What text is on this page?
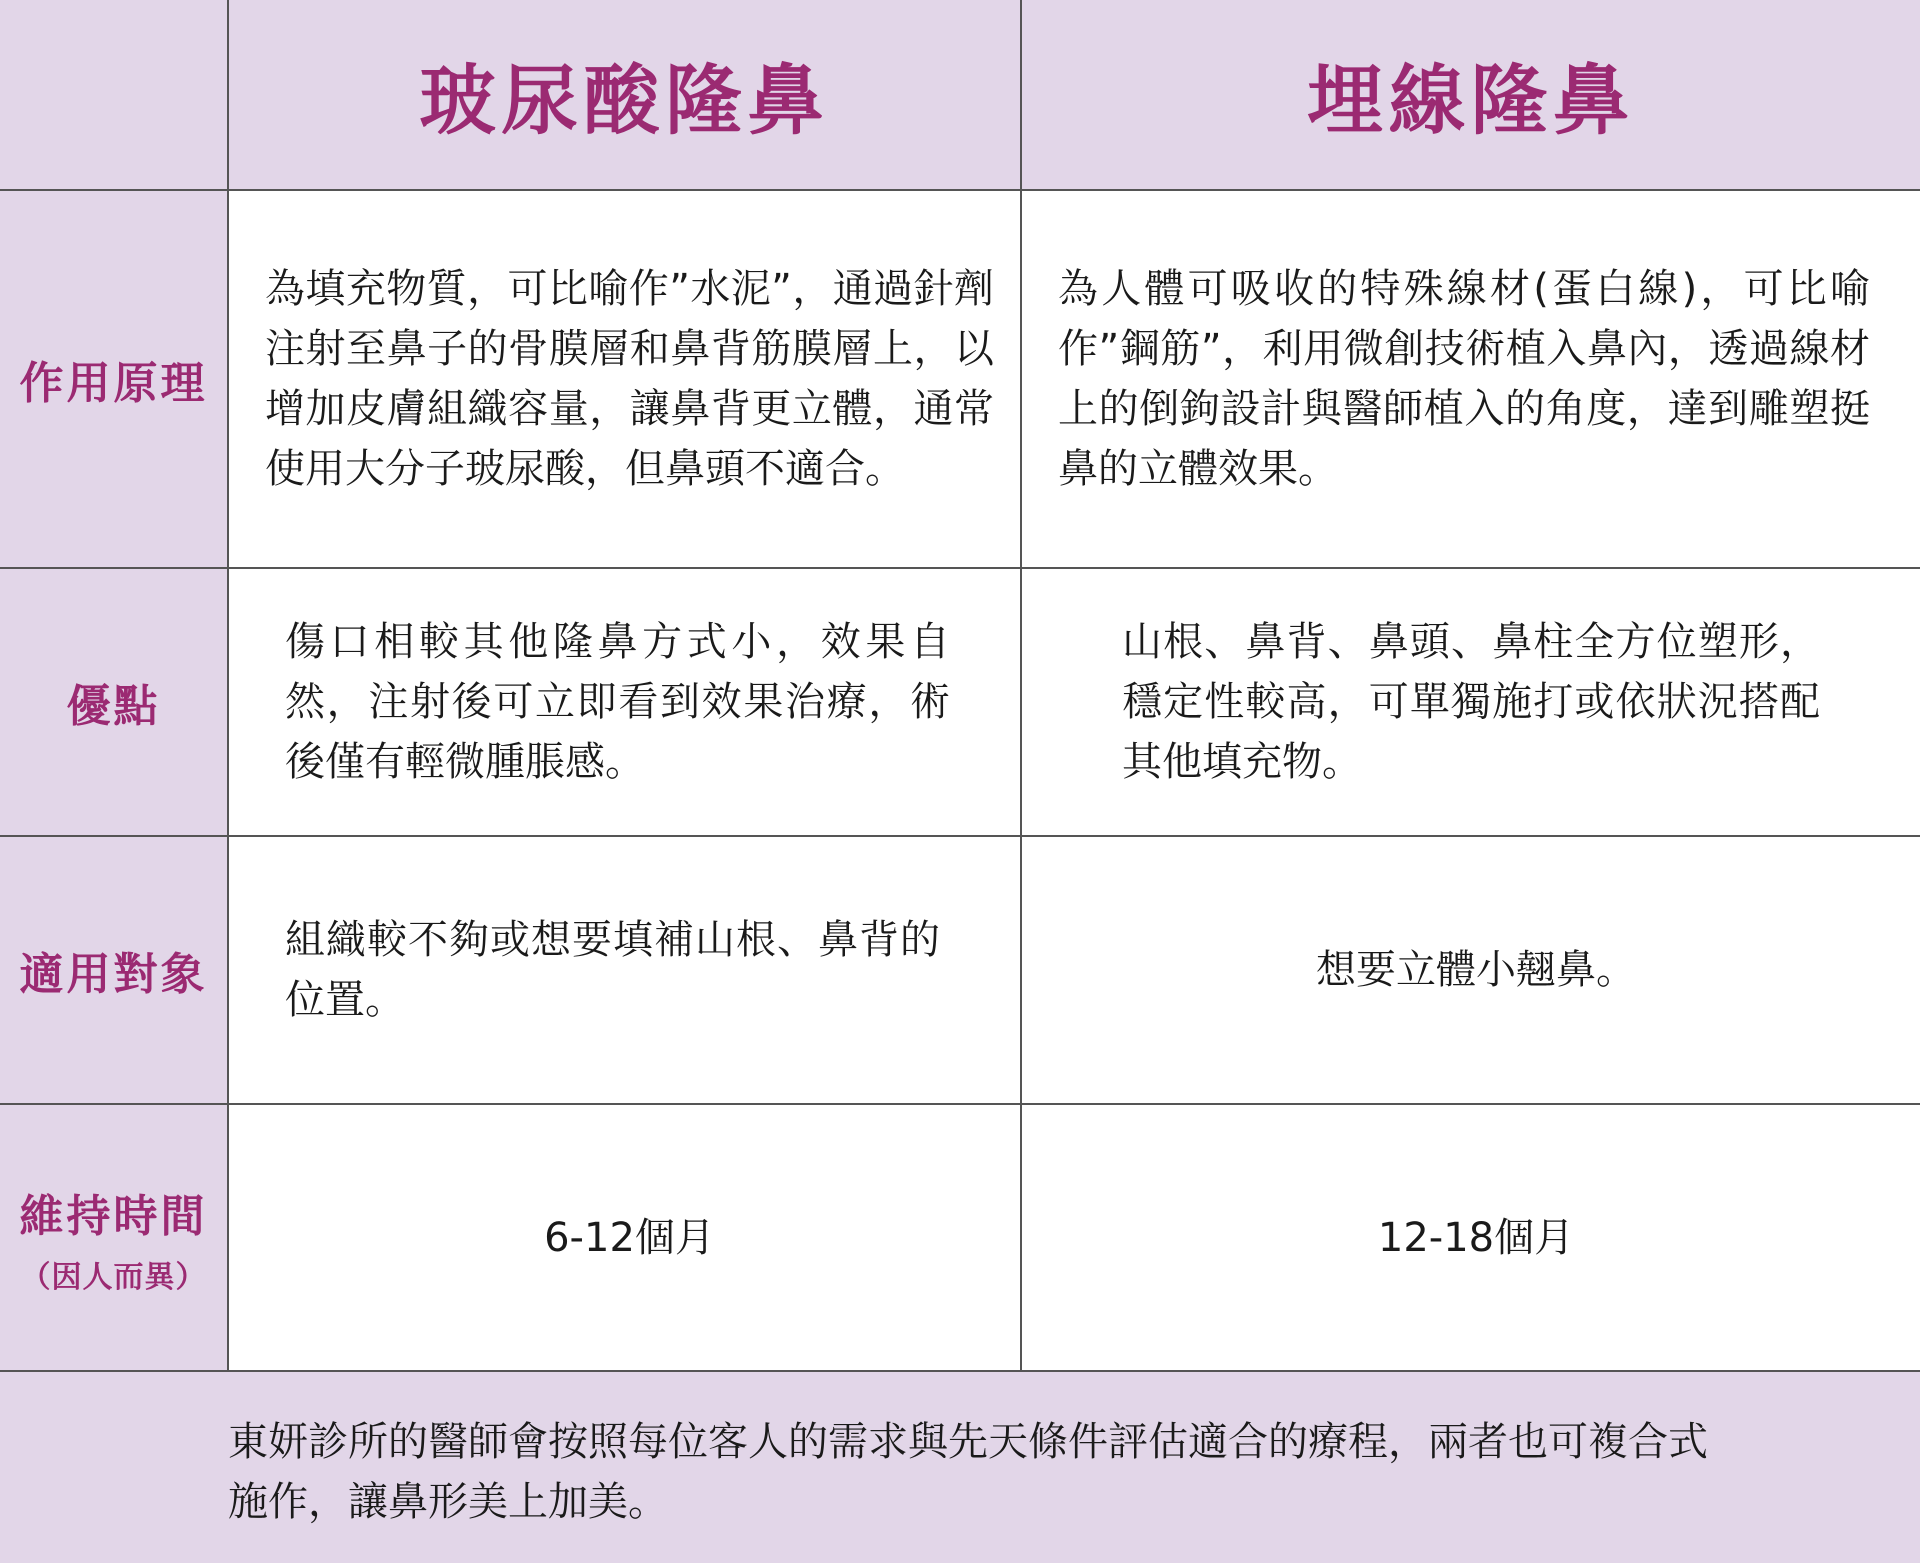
玻尿酸隆鼻	埋線隆鼻
作用原理
為填充物質，可比喻作”水泥”，通過針劑注射至鼻子的骨膜層和鼻背筋膜層上，以增加皮膚組織容量，讓鼻背更立體，通常使用大分子玻尿酸，但鼻頭不適合。
為人體可吸收的特殊線材(蛋白線)，可比喻作”鋼筋”，利用微創技術植入鼻內，透過線材上的倒鉤設計與醫師植入的角度，達到雕塑挺鼻的立體效果。
優點
傷口相較其他隆鼻方式小，效果自然，注射後可立即看到效果治療，術後僅有輕微腫脹感。
山根、鼻背、鼻頭、鼻柱全方位塑形，穩定性較高，可單獨施打或依狀況搭配其他填充物。
適用對象
組織較不夠或想要填補山根、鼻背的位置。
想要立體小翹鼻。
維持時間
（因人而異）
6-12個月	12-18個月
東妍診所的醫師會按照每位客人的需求與先天條件評估適合的療程，兩者也可複合式施作，讓鼻形美上加美。
